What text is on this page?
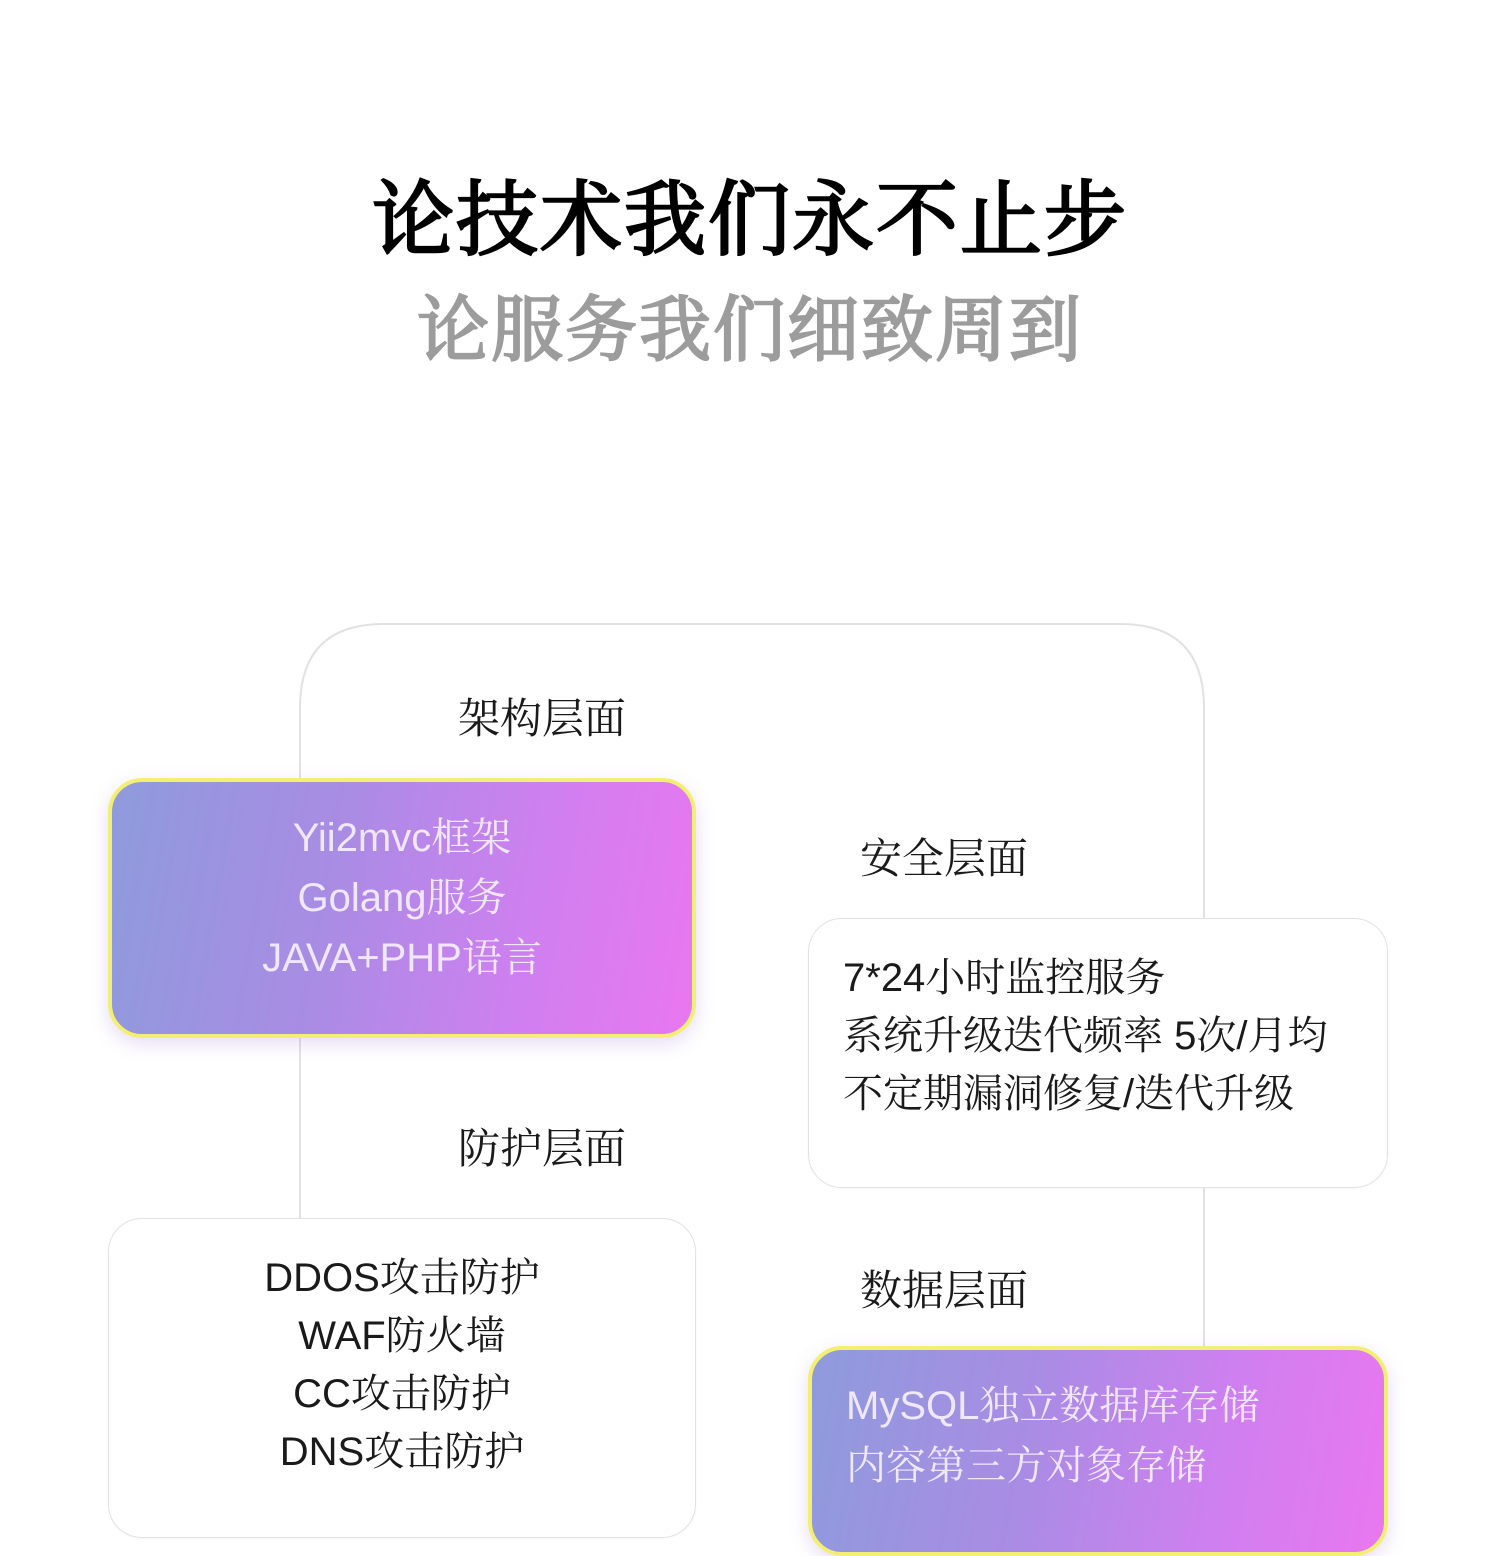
论技术我们永不止步
论服务我们细致周到
架构层面
Yii2mvc框架
Golang服务
JAVA+PHP语言
安全层面
7*24小时监控服务
系统升级迭代频率 5次/月均
不定期漏洞修复/迭代升级
防护层面
DDOS攻击防护
WAF防火墙
CC攻击防护
DNS攻击防护
数据层面
MySQL独立数据库存储
内容第三方对象存储
